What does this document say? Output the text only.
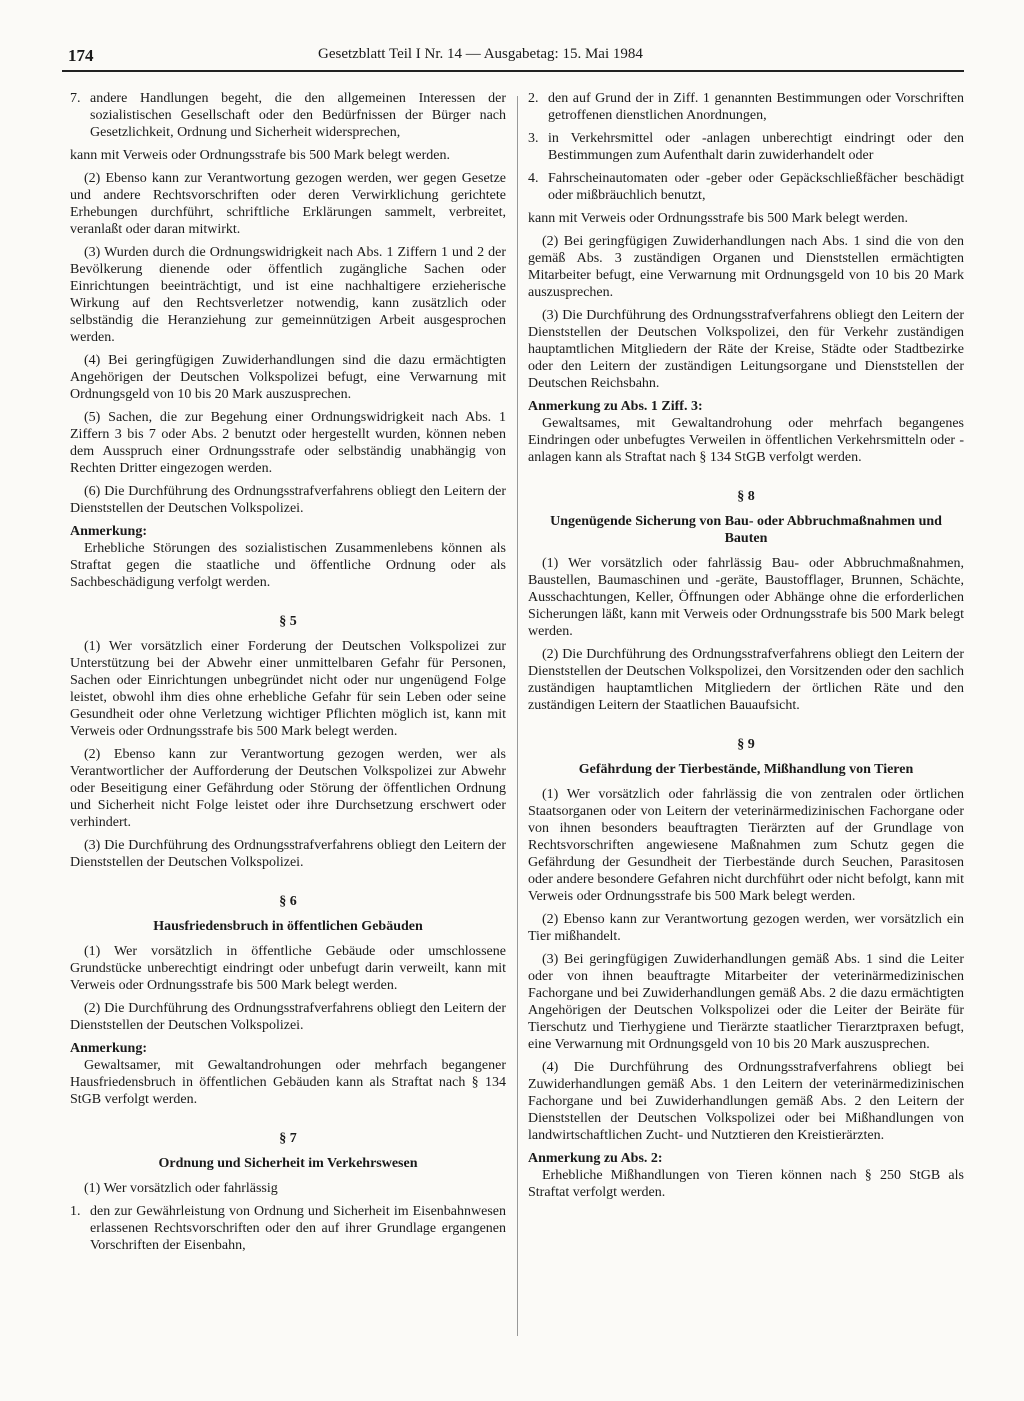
174	Gesetzblatt Teil I Nr. 14 — Ausgabetag: 15. Mai 1984
7. andere Handlungen begeht, die den allgemeinen Interessen der sozialistischen Gesellschaft oder den Bedürfnissen der Bürger nach Gesetzlichkeit, Ordnung und Sicherheit widersprechen,

kann mit Verweis oder Ordnungsstrafe bis 500 Mark belegt werden.

(2) Ebenso kann zur Verantwortung gezogen werden, wer gegen Gesetze und andere Rechtsvorschriften oder deren Verwirklichung gerichtete Erhebungen durchführt, schriftliche Erklärungen sammelt, verbreitet, veranlaßt oder daran mitwirkt.

(3) Wurden durch die Ordnungswidrigkeit nach Abs. 1 Ziffern 1 und 2 der Bevölkerung dienende oder öffentlich zugängliche Sachen oder Einrichtungen beeinträchtigt, und ist eine nachhaltigere erzieherische Wirkung auf den Rechtsverletzer notwendig, kann zusätzlich oder selbständig die Heranziehung zur gemeinnützigen Arbeit ausgesprochen werden.

(4) Bei geringfügigen Zuwiderhandlungen sind die dazu ermächtigten Angehörigen der Deutschen Volkspolizei befugt, eine Verwarnung mit Ordnungsgeld von 10 bis 20 Mark auszusprechen.

(5) Sachen, die zur Begehung einer Ordnungswidrigkeit nach Abs. 1 Ziffern 3 bis 7 oder Abs. 2 benutzt oder hergestellt wurden, können neben dem Ausspruch einer Ordnungsstrafe oder selbständig unabhängig von Rechten Dritter eingezogen werden.

(6) Die Durchführung des Ordnungsstrafverfahrens obliegt den Leitern der Dienststellen der Deutschen Volkspolizei.

Anmerkung:

Erhebliche Störungen des sozialistischen Zusammenlebens können als Straftat gegen die staatliche und öffentliche Ordnung oder als Sachbeschädigung verfolgt werden.

§ 5

(1) Wer vorsätzlich einer Forderung der Deutschen Volkspolizei zur Unterstützung bei der Abwehr einer unmittelbaren Gefahr für Personen, Sachen oder Einrichtungen unbegründet nicht oder nur ungenügend Folge leistet, obwohl ihm dies ohne erhebliche Gefahr für sein Leben oder seine Gesundheit oder ohne Verletzung wichtiger Pflichten möglich ist, kann mit Verweis oder Ordnungsstrafe bis 500 Mark belegt werden.

(2) Ebenso kann zur Verantwortung gezogen werden, wer als Verantwortlicher der Aufforderung der Deutschen Volkspolizei zur Abwehr oder Beseitigung einer Gefährdung oder Störung der öffentlichen Ordnung und Sicherheit nicht Folge leistet oder ihre Durchsetzung erschwert oder verhindert.

(3) Die Durchführung des Ordnungsstrafverfahrens obliegt den Leitern der Dienststellen der Deutschen Volkspolizei.

§ 6

Hausfriedensbruch in öffentlichen Gebäuden

(1) Wer vorsätzlich in öffentliche Gebäude oder umschlossene Grundstücke unberechtigt eindringt oder unbefugt darin verweilt, kann mit Verweis oder Ordnungsstrafe bis 500 Mark belegt werden.

(2) Die Durchführung des Ordnungsstrafverfahrens obliegt den Leitern der Dienststellen der Deutschen Volkspolizei.

Anmerkung:

Gewaltsamer, mit Gewaltandrohungen oder mehrfach begangener Hausfriedensbruch in öffentlichen Gebäuden kann als Straftat nach § 134 StGB verfolgt werden.

§ 7

Ordnung und Sicherheit im Verkehrswesen

(1) Wer vorsätzlich oder fahrlässig

1. den zur Gewährleistung von Ordnung und Sicherheit im Eisenbahnwesen erlassenen Rechtsvorschriften oder den auf ihrer Grundlage ergangenen Vorschriften der Eisenbahn,
2. den auf Grund der in Ziff. 1 genannten Bestimmungen oder Vorschriften getroffenen dienstlichen Anordnungen,
3. in Verkehrsmittel oder -anlagen unberechtigt eindringt oder den Bestimmungen zum Aufenthalt darin zuwiderhandelt oder
4. Fahrscheinautomaten oder -geber oder Gepäckschließfächer beschädigt oder mißbräuchlich benutzt,

kann mit Verweis oder Ordnungsstrafe bis 500 Mark belegt werden.

(2) Bei geringfügigen Zuwiderhandlungen nach Abs. 1 sind die von den gemäß Abs. 3 zuständigen Organen und Dienststellen ermächtigten Mitarbeiter befugt, eine Verwarnung mit Ordnungsgeld von 10 bis 20 Mark auszusprechen.

(3) Die Durchführung des Ordnungsstrafverfahrens obliegt den Leitern der Dienststellen der Deutschen Volkspolizei, den für Verkehr zuständigen hauptamtlichen Mitgliedern der Räte der Kreise, Städte oder Stadtbezirke oder den Leitern der zuständigen Leitungsorgane und Dienststellen der Deutschen Reichsbahn.

Anmerkung zu Abs. 1 Ziff. 3:

Gewaltsames, mit Gewaltandrohung oder mehrfach begangenes Eindringen oder unbefugtes Verweilen in öffentlichen Verkehrsmitteln oder -anlagen kann als Straftat nach § 134 StGB verfolgt werden.

§ 8

Ungenügende Sicherung von Bau- oder Abbruchmaßnahmen und Bauten

(1) Wer vorsätzlich oder fahrlässig Bau- oder Abbruchmaßnahmen, Baustellen, Baumaschinen und -geräte, Baustofflager, Brunnen, Schächte, Ausschachtungen, Keller, Öffnungen oder Abhänge ohne die erforderlichen Sicherungen läßt, kann mit Verweis oder Ordnungsstrafe bis 500 Mark belegt werden.

(2) Die Durchführung des Ordnungsstrafverfahrens obliegt den Leitern der Dienststellen der Deutschen Volkspolizei, den Vorsitzenden oder den sachlich zuständigen hauptamtlichen Mitgliedern der örtlichen Räte und den zuständigen Leitern der Staatlichen Bauaufsicht.

§ 9

Gefährdung der Tierbestände, Mißhandlung von Tieren

(1) Wer vorsätzlich oder fahrlässig die von zentralen oder örtlichen Staatsorganen oder von Leitern der veterinärmedizinischen Fachorgane oder von ihnen besonders beauftragten Tierärzten auf der Grundlage von Rechtsvorschriften angewiesene Maßnahmen zum Schutz gegen die Gefährdung der Gesundheit der Tierbestände durch Seuchen, Parasitosen oder andere besondere Gefahren nicht durchführt oder nicht befolgt, kann mit Verweis oder Ordnungsstrafe bis 500 Mark belegt werden.

(2) Ebenso kann zur Verantwortung gezogen werden, wer vorsätzlich ein Tier mißhandelt.

(3) Bei geringfügigen Zuwiderhandlungen gemäß Abs. 1 sind die Leiter oder von ihnen beauftragte Mitarbeiter der veterinärmedizinischen Fachorgane und bei Zuwiderhandlungen gemäß Abs. 2 die dazu ermächtigten Angehörigen der Deutschen Volkspolizei oder die Leiter der Beiräte für Tierschutz und Tierhygiene und Tierärzte staatlicher Tierarztpraxen befugt, eine Verwarnung mit Ordnungsgeld von 10 bis 20 Mark auszusprechen.

(4) Die Durchführung des Ordnungsstrafverfahrens obliegt bei Zuwiderhandlungen gemäß Abs. 1 den Leitern der veterinärmedizinischen Fachorgane und bei Zuwiderhandlungen gemäß Abs. 2 den Leitern der Dienststellen der Deutschen Volkspolizei oder bei Mißhandlungen von landwirtschaftlichen Zucht- und Nutztieren den Kreistierärzten.

Anmerkung zu Abs. 2:

Erhebliche Mißhandlungen von Tieren können nach § 250 StGB als Straftat verfolgt werden.
